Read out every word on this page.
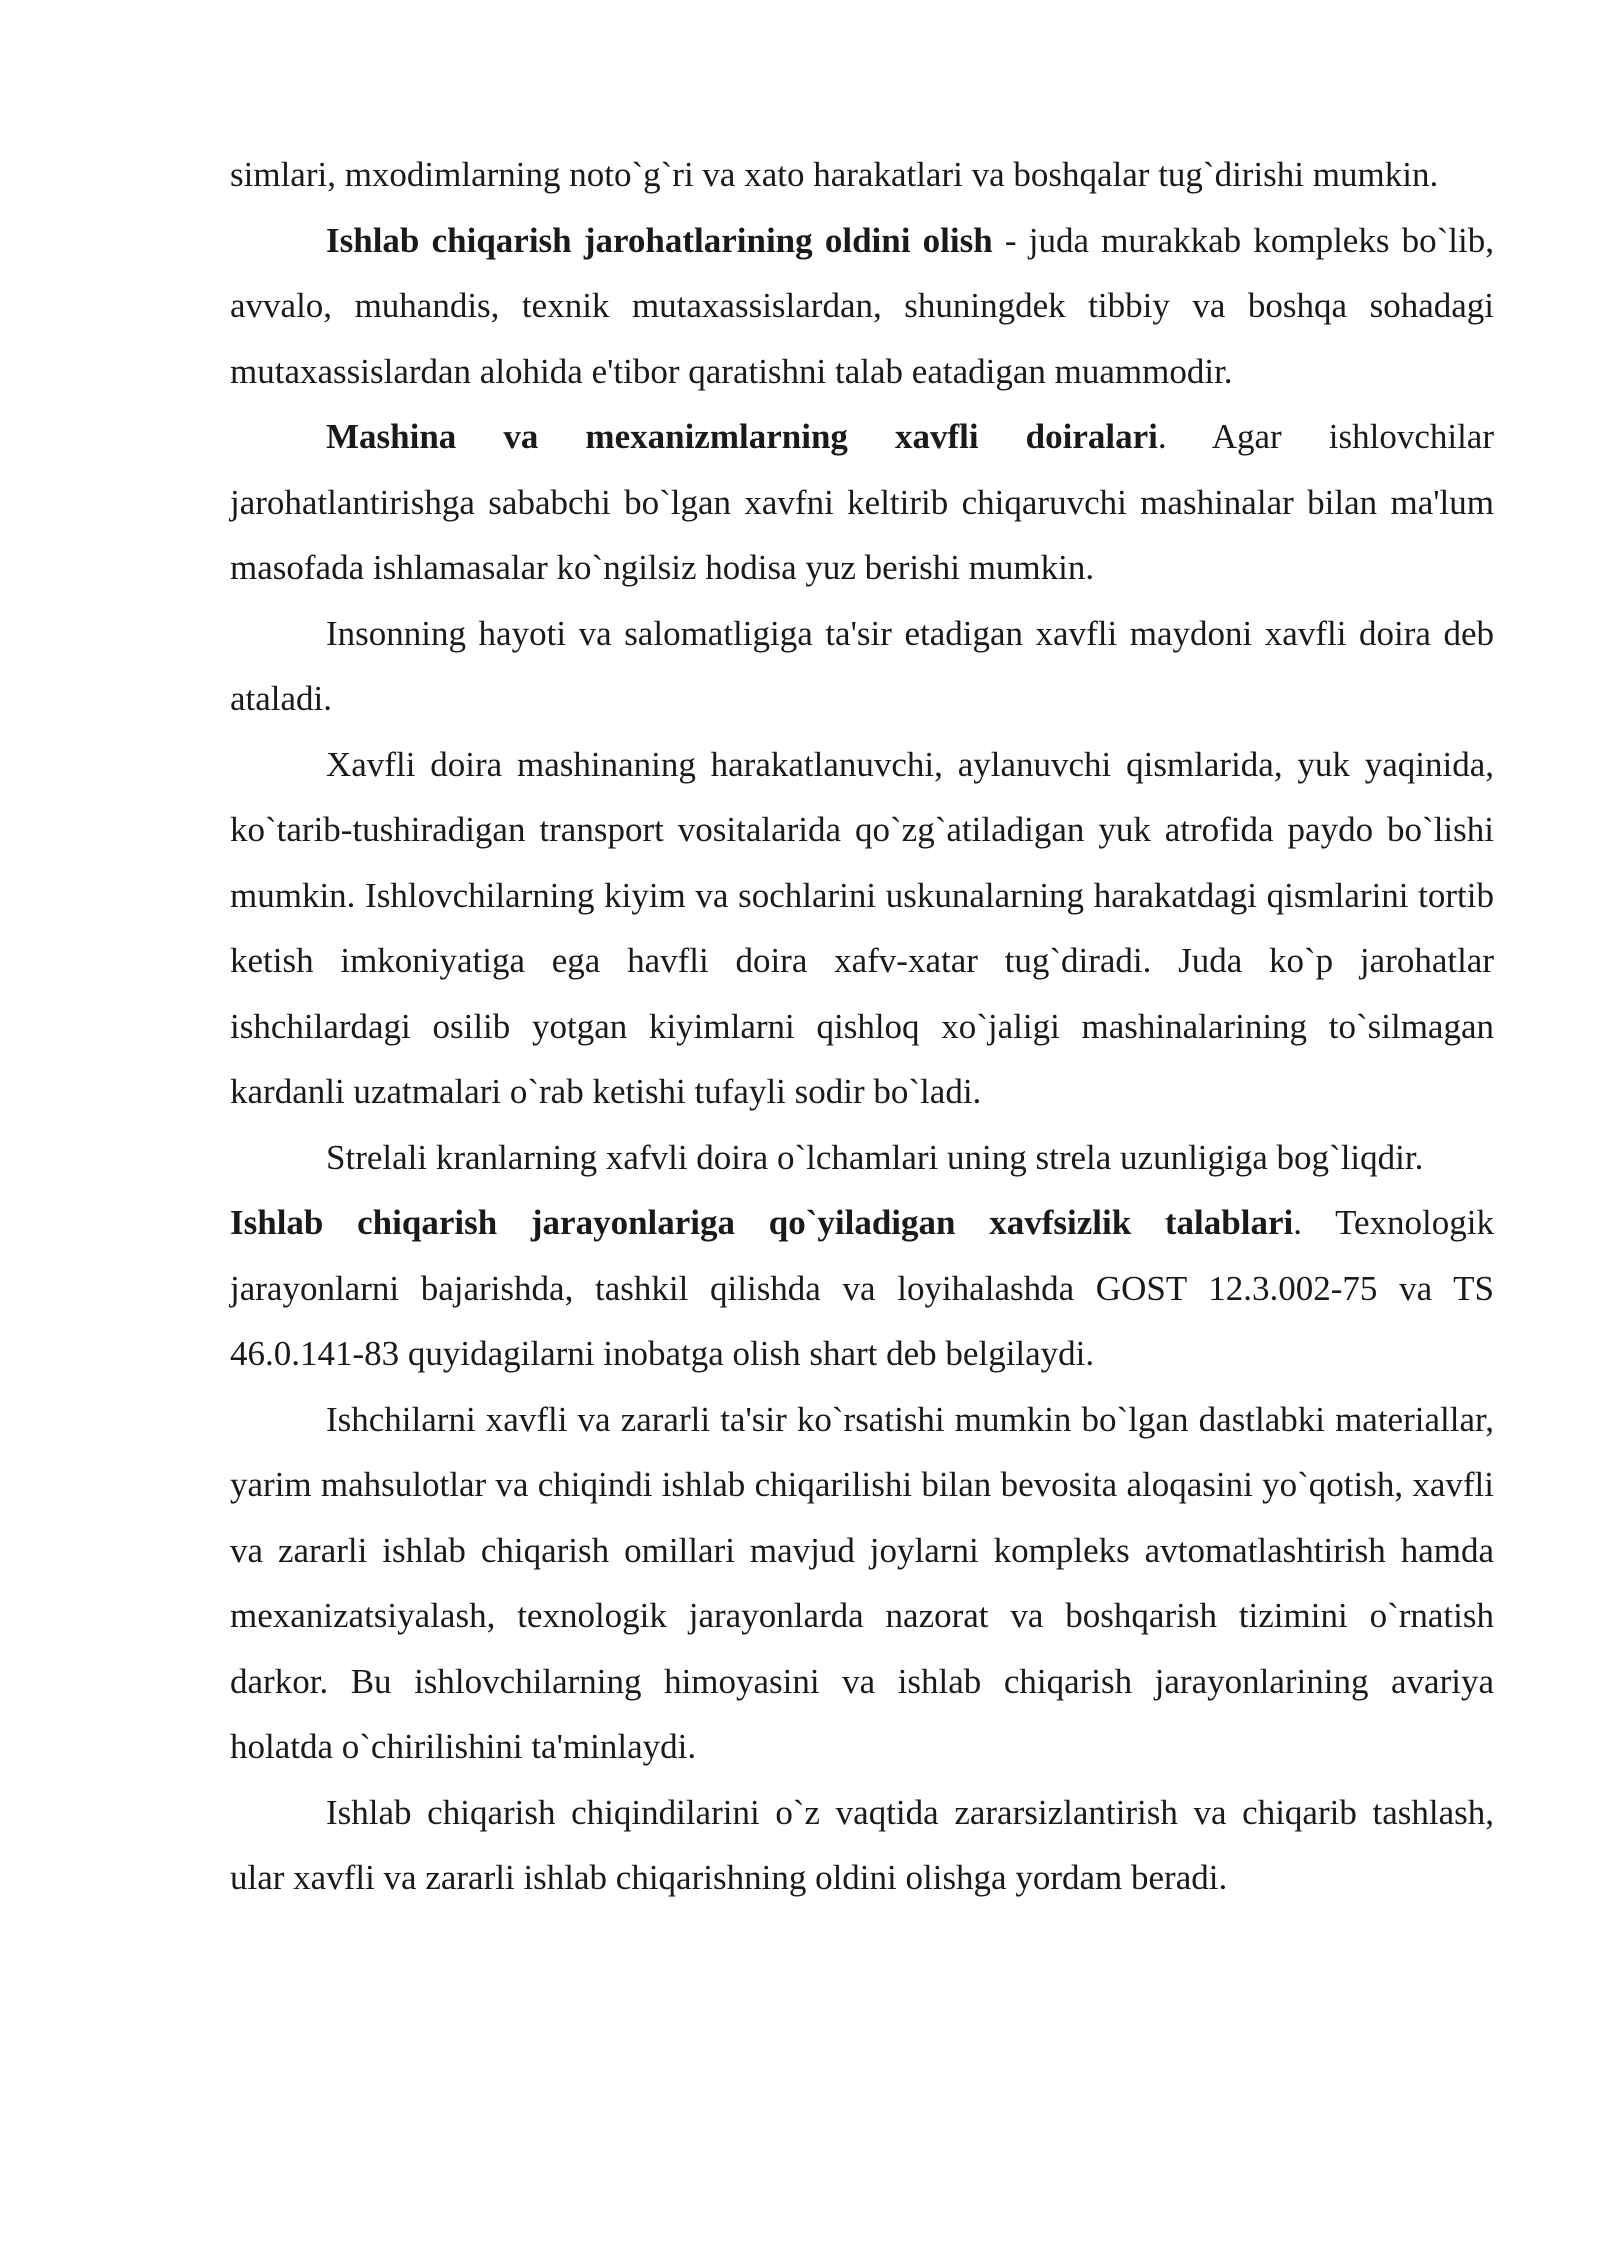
simlari, mxodimlarning noto`g`ri va xato harakatlari va boshqalar tug`dirishi mumkin.

Ishlab chiqarish jarohatlarining oldini olish - juda murakkab kompleks bo`lib, avvalo, muhandis, texnik mutaxassislardan, shuningdek tibbiy va boshqa sohadagi mutaxassislardan alohida e'tibor qaratishni talab eatadigan muammodir.

Mashina va mexanizmlarning xavfli doiralari. Agar ishlovchilar jarohatlantirishga sababchi bo`lgan xavfni keltirib chiqaruvchi mashinalar bilan ma'lum masofada ishlamasalar ko`ngilsiz hodisa yuz berishi mumkin.

Insonning hayoti va salomatligiga ta'sir etadigan xavfli maydoni xavfli doira deb ataladi.

Xavfli doira mashinaning harakatlanuvchi, aylanuvchi qismlarida, yuk yaqinida, ko`tarib-tushiradigan transport vositalarida qo`zg`atiladigan yuk atrofida paydo bo`lishi mumkin. Ishlovchilarning kiyim va sochlarini uskunalarning harakatdagi qismlarini tortib ketish imkoniyatiga ega havfli doira xafv-xatar tug`diradi. Juda ko`p jarohatlar ishchilardagi osilib yotgan kiyimlarni qishloq xo`jaligi mashinalarining to`silmagan kardanli uzatmalari o`rab ketishi tufayli sodir bo`ladi.

Strelali kranlarning xafvli doira o`lchamlari uning strela uzunligiga bog`liqdir.

Ishlab chiqarish jarayonlariga qo`yiladigan xavfsizlik talablari. Texnologik jarayonlarni bajarishda, tashkil qilishda va loyihalashda GOST 12.3.002-75 va TS 46.0.141-83 quyidagilarni inobatga olish shart deb belgilaydi.

Ishchilarni xavfli va zararli ta'sir ko`rsatishi mumkin bo`lgan dastlabki materiallar, yarim mahsulotlar va chiqindi ishlab chiqarilishi bilan bevosita aloqasini yo`qotish, xavfli va zararli ishlab chiqarish omillari mavjud joylarni kompleks avtomatlashtirish hamda mexanizatsiyalash, texnologik jarayonlarda nazorat va boshqarish tizimini o`rnatish darkor. Bu ishlovchilarning himoyasini va ishlab chiqarish jarayonlarining avariya holatda o`chirilishini ta'minlaydi.

Ishlab chiqarish chiqindilarini o`z vaqtida zararsizlantirish va chiqarib tashlash, ular xavfli va zararli ishlab chiqarishning oldini olishga yordam beradi.
